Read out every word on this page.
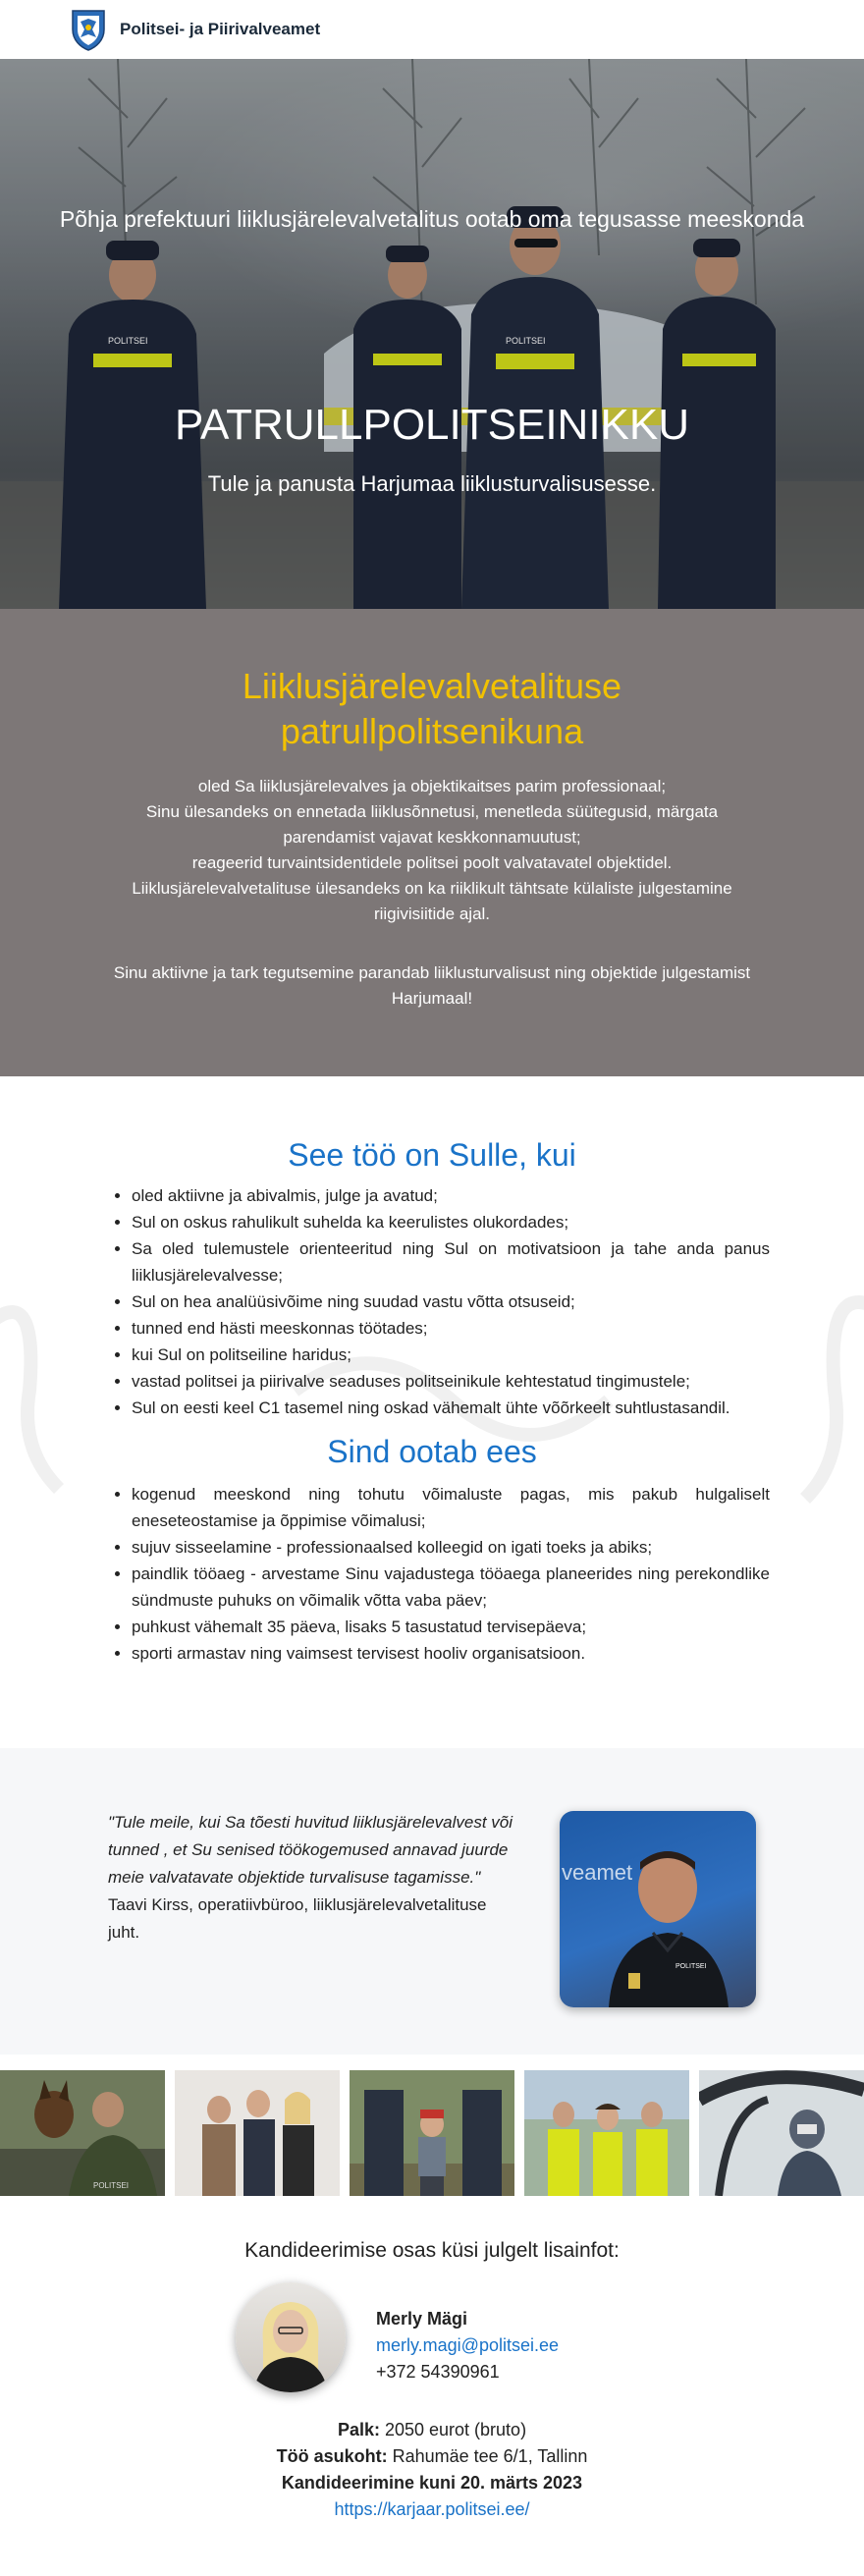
Politsei- ja Piirivalveamet
POLITSEI	POLITSEI
Põhja prefektuuri liiklusjärelevalvetalitus ootab oma tegusasse meeskonda
PATRULLPOLITSEINIKKU
Tule ja panusta Harjumaa liiklusturvalisusesse.
Liiklusjärelevalvetalituse
patrullpolitsenikuna
oled Sa liiklusjärelevalves ja objektikaitses parim professionaal;
Sinu ülesandeks on ennetada liiklusõnnetusi, menetleda süütegusid, märgata parendamist vajavat keskkonnamuutust;
reageerid turvaintsidentidele politsei poolt valvatavatel objektidel.
Liiklusjärelevalvetalituse ülesandeks on ka riiklikult tähtsate külaliste julgestamine riigivisiitide ajal.
Sinu aktiivne ja tark tegutsemine parandab liiklusturvalisust ning objektide julgestamist Harjumaal!
See töö on Sulle, kui
• oled aktiivne ja abivalmis, julge ja avatud;
• Sul on oskus rahulikult suhelda ka keerulistes olukordades;
• Sa oled tulemustele orienteeritud ning Sul on motivatsioon ja tahe anda panus liiklusjärelevalvesse;
• Sul on hea analüüsivõime ning suudad vastu võtta otsuseid;
• tunned end hästi meeskonnas töötades;
• kui Sul on politseiline haridus;
• vastad politsei ja piirivalve seaduses politseinikule kehtestatud tingimustele;
• Sul on eesti keel C1 tasemel ning oskad vähemalt ühte võõrkeelt suhtlustasandil.
Sind ootab ees
• kogenud meeskond ning tohutu võimaluste pagas, mis pakub hulgaliselt eneseteostamise ja õppimise võimalusi;
• sujuv sisseelamine - professionaalsed kolleegid on igati toeks ja abiks;
• paindlik tööaeg - arvestame Sinu vajadustega tööaega planeerides ning perekondlike sündmuste puhuks on võimalik võtta vaba päev;
• puhkust vähemalt 35 päeva, lisaks 5 tasustatud tervisepäeva;
• sporti armastav ning vaimsest tervisest hooliv organisatsioon.
"Tule meile, kui Sa tõesti huvitud liiklusjärelevalvest või tunned , et Su senised töökogemused annavad juurde meie valvatavate objektide turvalisuse tagamisse."
Taavi Kirss, operatiivbüroo, liiklusjärelevalvetalituse juht.
veamet
POLITSEI
POLITSEI
Kandideerimise osas küsi julgelt lisainfot:
Merly Mägi
merly.magi@politsei.ee
+372 54390961
Palk: 2050 eurot (bruto)
Töö asukoht: Rahumäe tee 6/1, Tallinn
Kandideerimine kuni 20. märts 2023
https://karjaar.politsei.ee/
